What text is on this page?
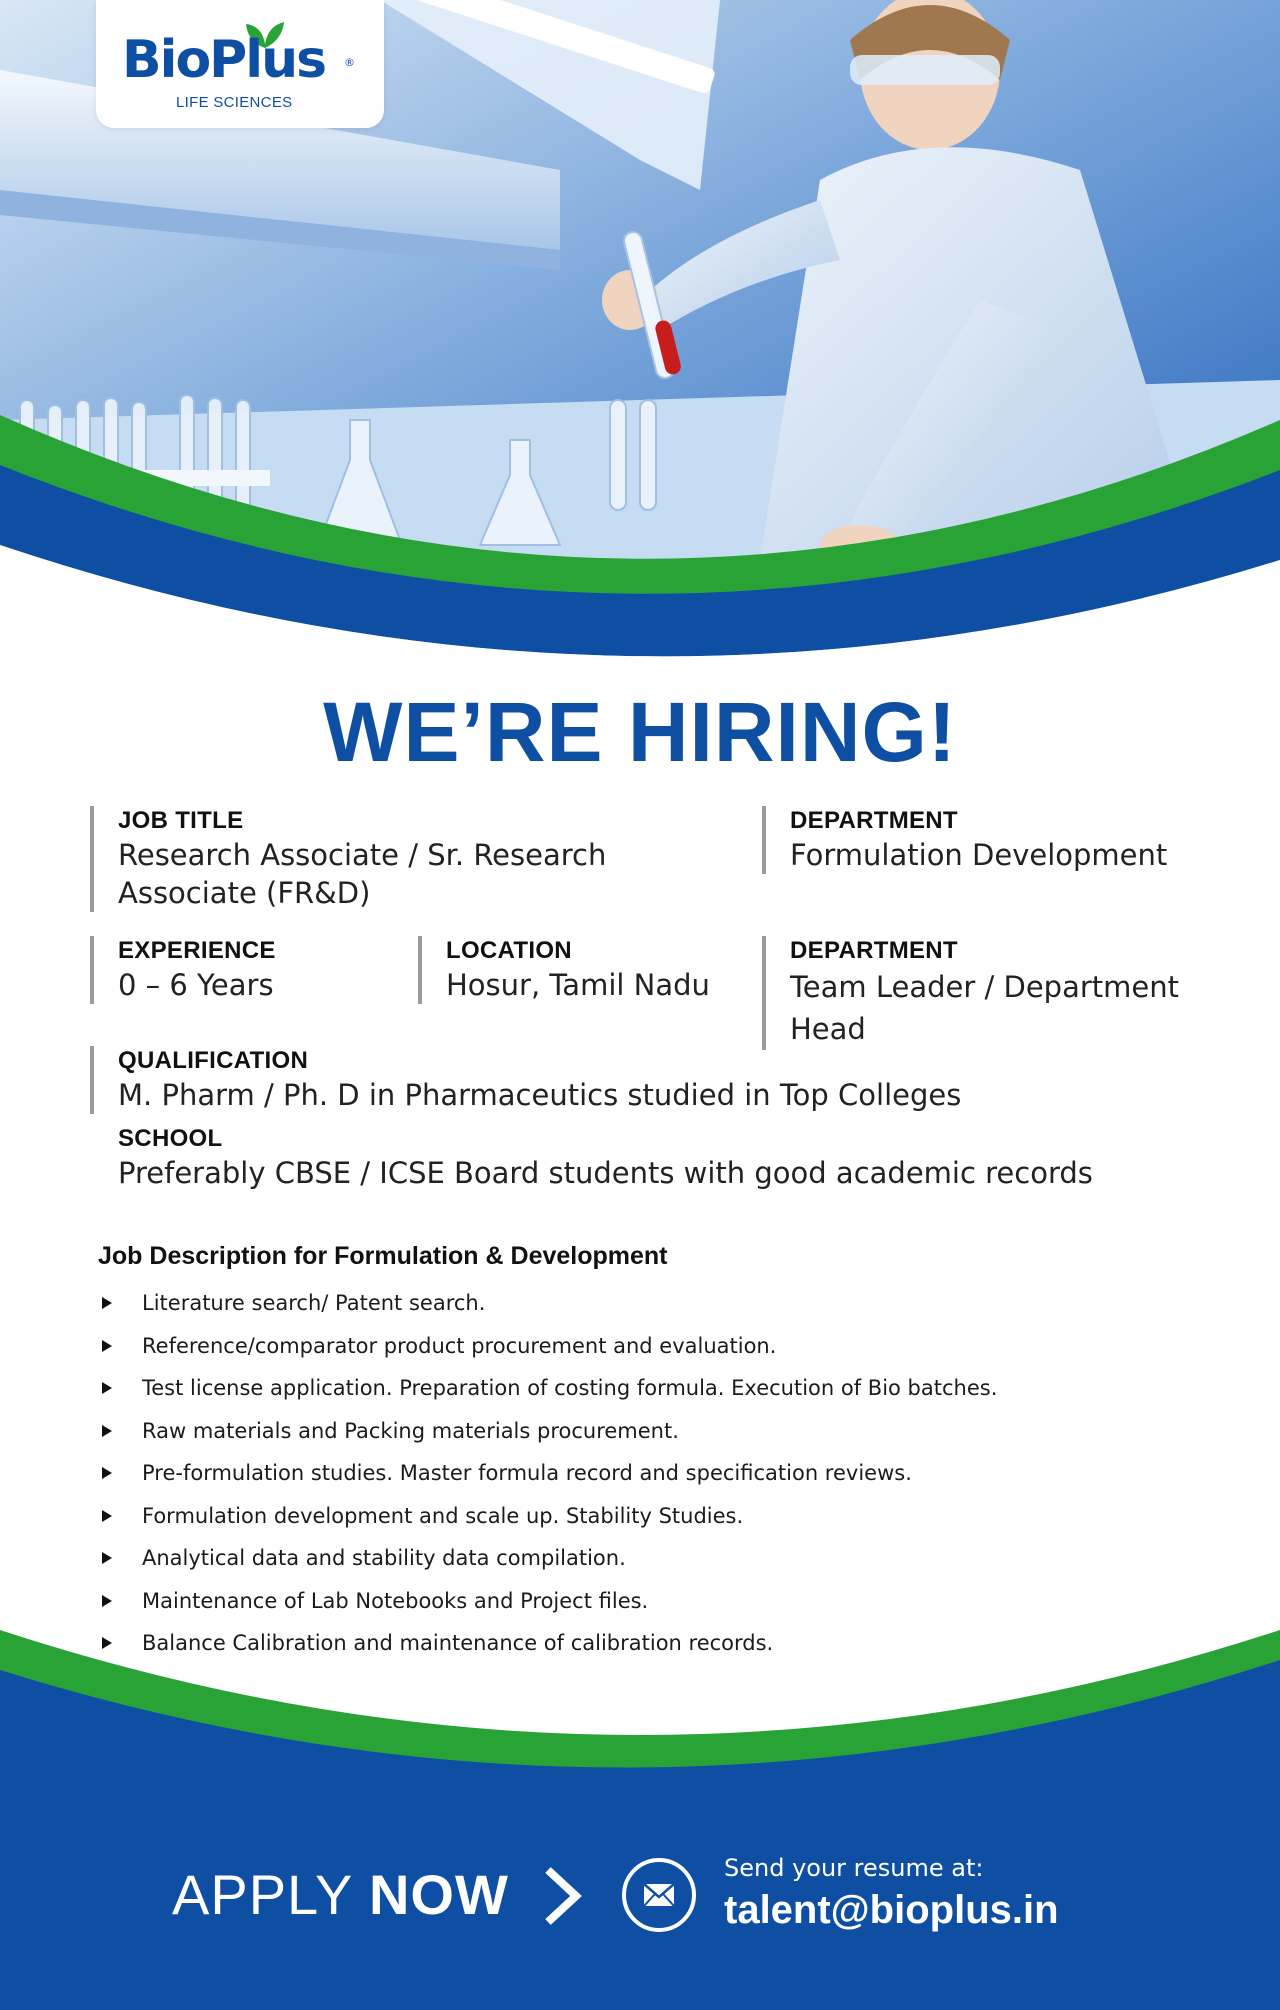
BioPlus ®
LIFE SCIENCES
WE’RE HIRING!
JOB TITLE
Research Associate / Sr. Research Associate (FR&D)
DEPARTMENT
Formulation Development
EXPERIENCE
0 – 6 Years
LOCATION
Hosur, Tamil Nadu
DEPARTMENT
Team Leader / Department Head
QUALIFICATION
M. Pharm / Ph. D in Pharmaceutics studied in Top Colleges
SCHOOL
Preferably CBSE / ICSE Board students with good academic records
Job Description for Formulation & Development
Literature search/ Patent search.
Reference/comparator product procurement and evaluation.
Test license application. Preparation of costing formula. Execution of Bio batches.
Raw materials and Packing materials procurement.
Pre-formulation studies. Master formula record and specification reviews.
Formulation development and scale up. Stability Studies.
Analytical data and stability data compilation.
Maintenance of Lab Notebooks and Project files.
Balance Calibration and maintenance of calibration records.
APPLY NOW	Send your resume at:
talent@bioplus.in
